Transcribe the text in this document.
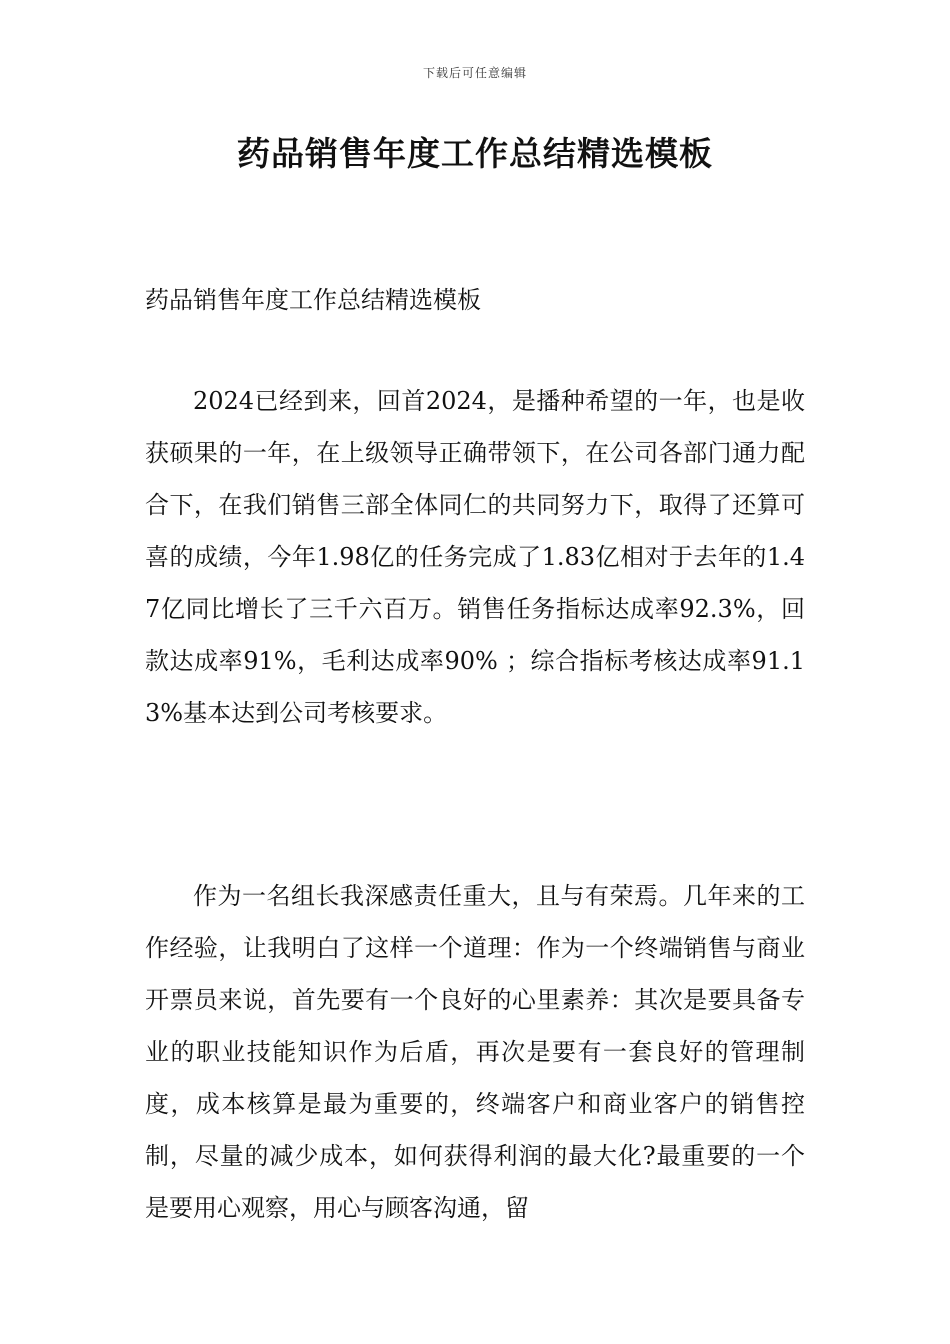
下载后可任意编辑
药品销售年度工作总结精选模板

药品销售年度工作总结精选模板

2024已经到来，回首2024，是播种希望的一年，也是收获硕果的一年，在上级领导正确带领下，在公司各部门通力配合下，在我们销售三部全体同仁的共同努力下，取得了还算可喜的成绩，今年1.98亿的任务完成了1.83亿相对于去年的1.47亿同比增长了三千六百万。销售任务指标达成率92.3%，回款达成率91%，毛利达成率90% ；综合指标考核达成率91.13%基本达到公司考核要求。

作为一名组长我深感责任重大，且与有荣焉。几年来的工作经验，让我明白了这样一个道理：作为一个终端销售与商业开票员来说，首先要有一个良好的心里素养：其次是要具备专业的职业技能知识作为后盾，再次是要有一套良好的管理制度，成本核算是最为重要的，终端客户和商业客户的销售控制，尽量的减少成本，如何获得利润的最大化?最重要的一个是要用心观察，用心与顾客沟通，留
